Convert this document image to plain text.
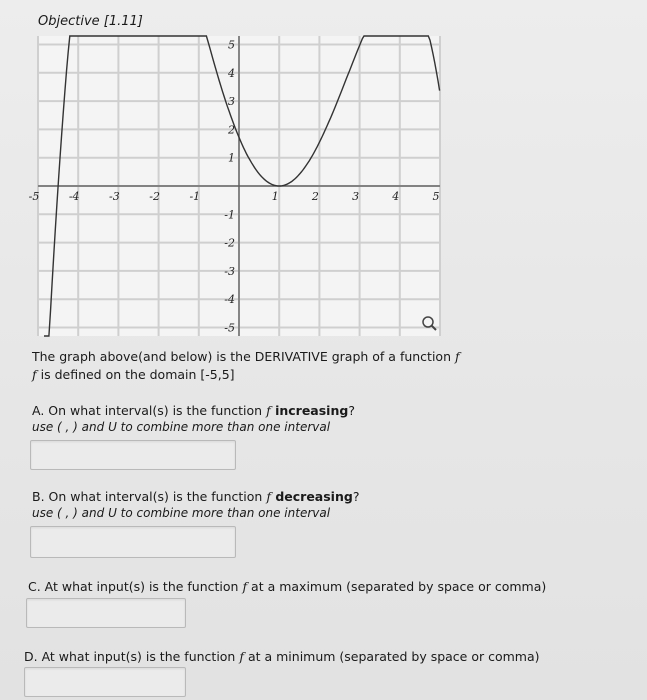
Objective [1.11]
-5	-4	-3	-2	-1	1	2	3	4	5
5
4
3
2
1
-1
-2
-3
-4
-5
The graph above(and below) is the DERIVATIVE graph of a function f
f is defined on the domain [-5,5]
A. On what interval(s) is the function f increasing?
use ( , ) and U to combine more than one interval
B. On what interval(s) is the function f decreasing?
use ( , ) and U to combine more than one interval
C. At what input(s) is the function f at a maximum (separated by space or comma)
D. At what input(s) is the function f at a minimum (separated by space or comma)
